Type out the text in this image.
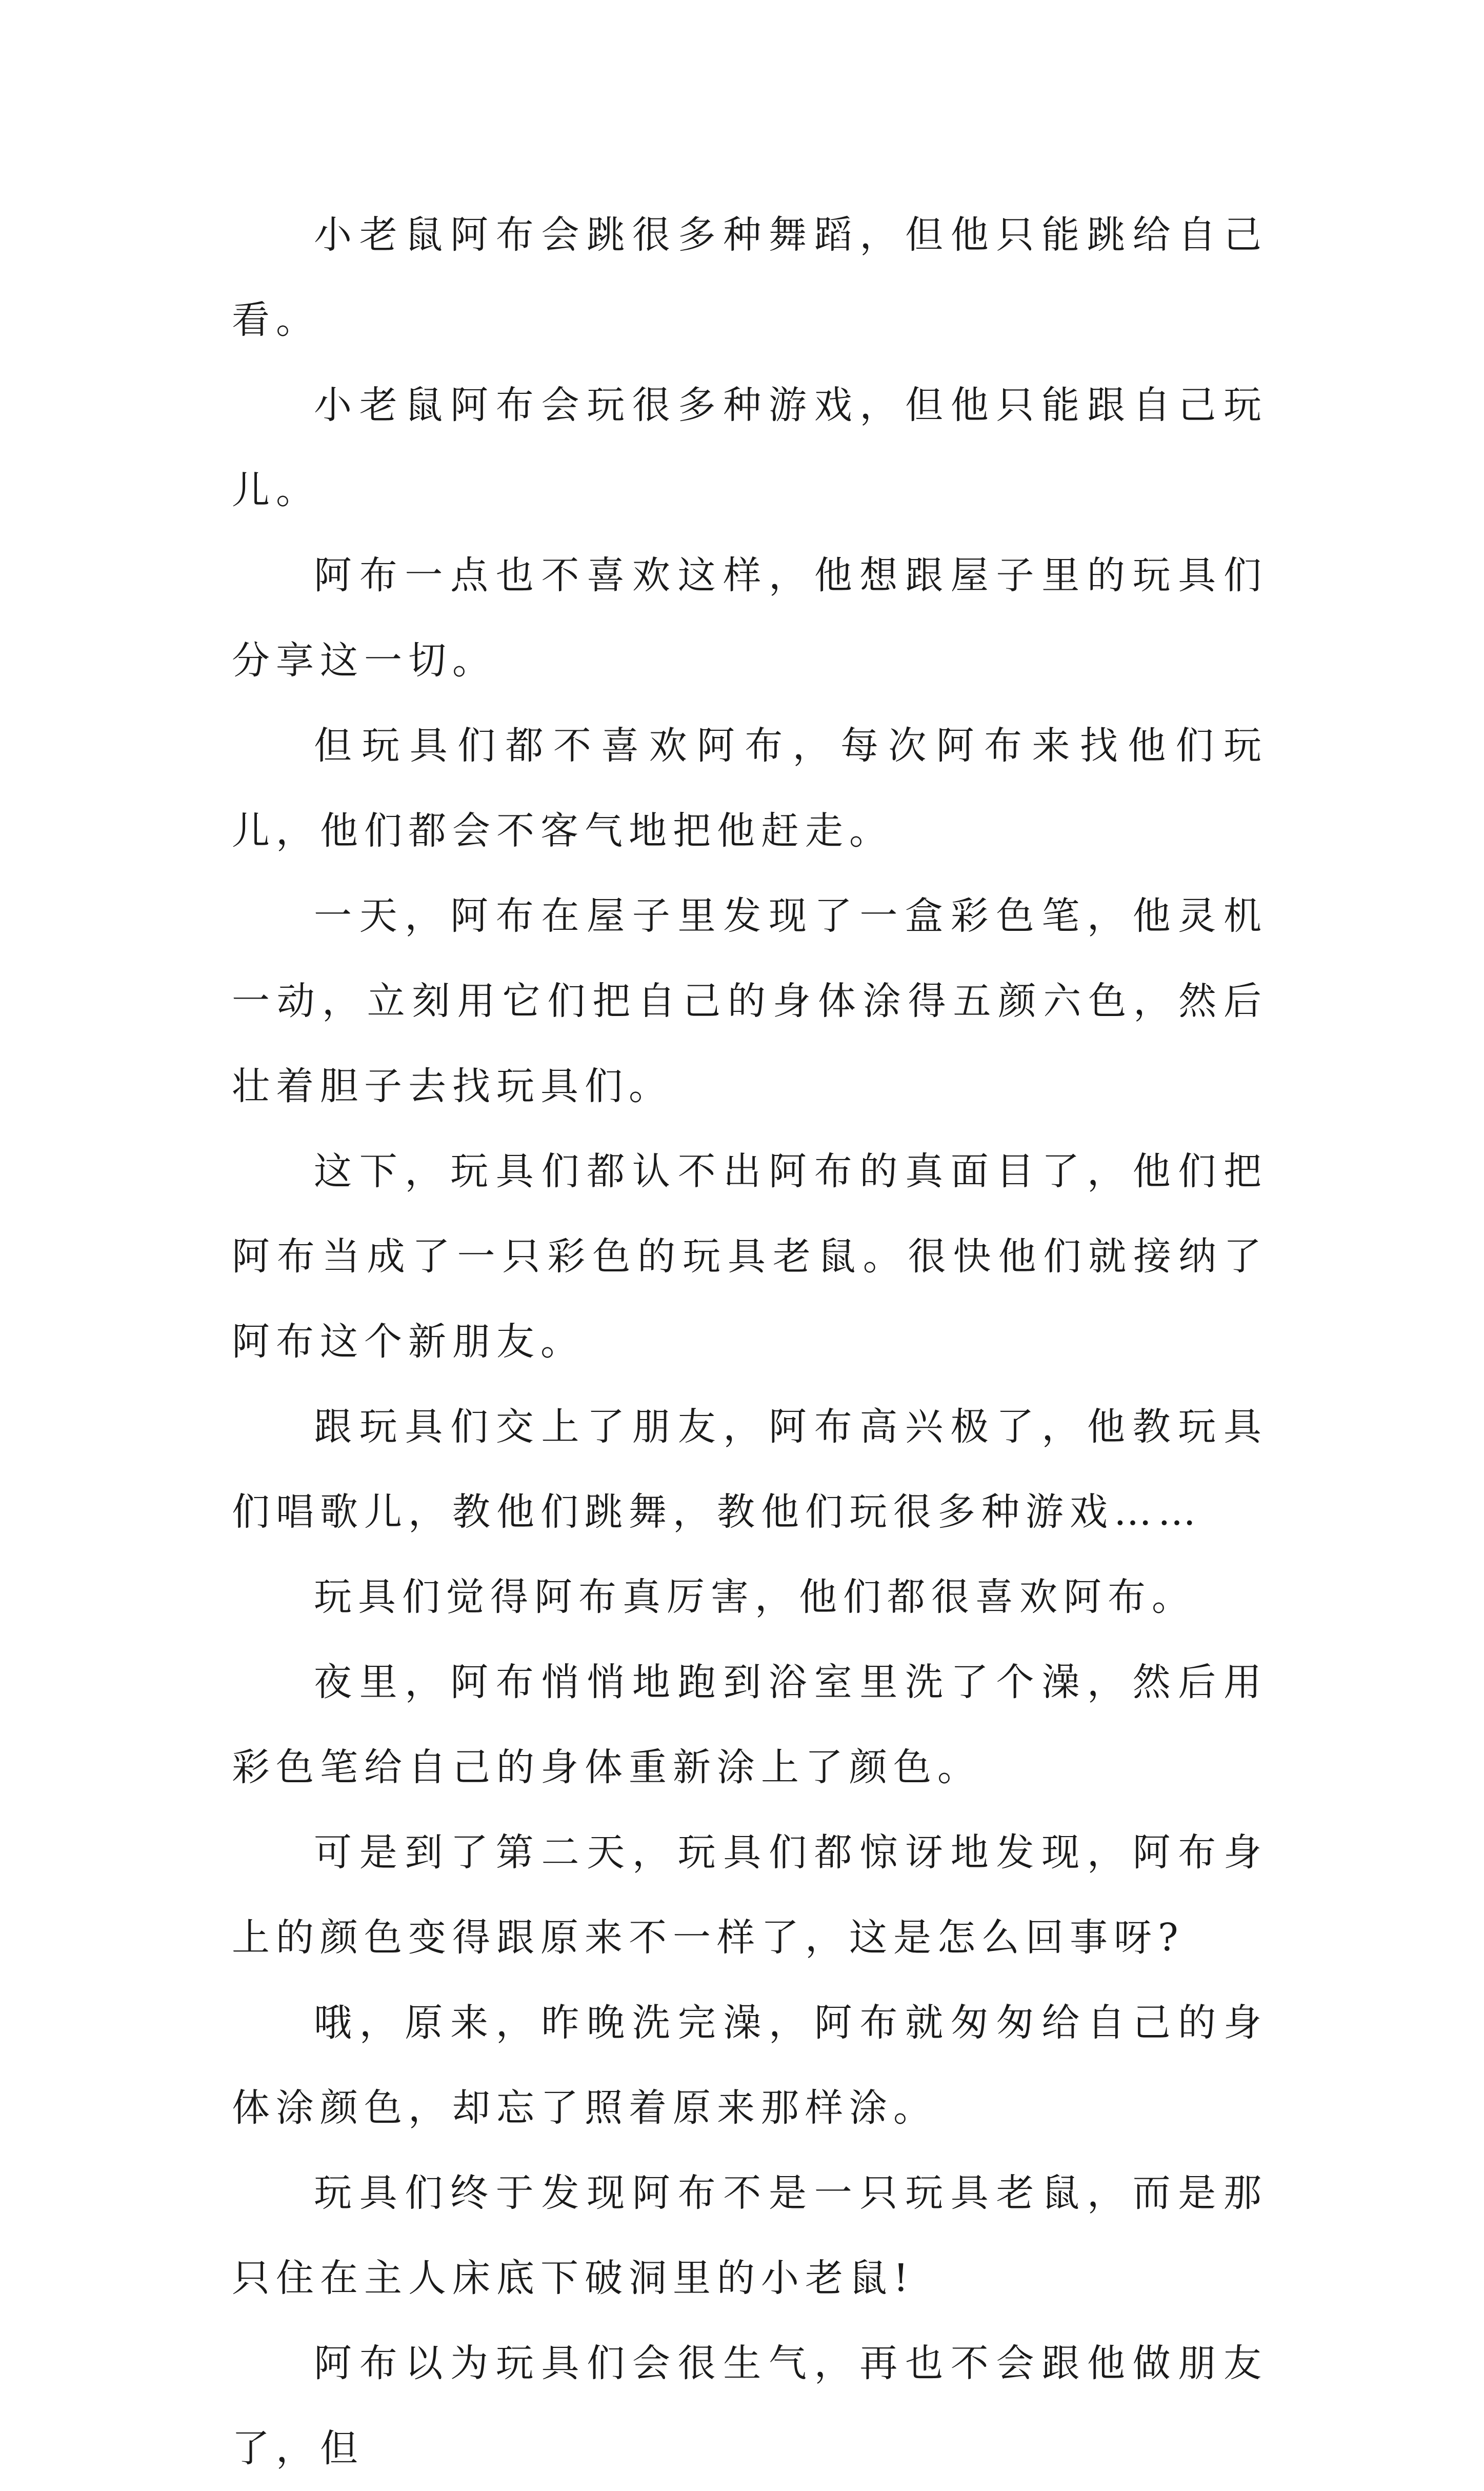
小老鼠阿布会跳很多种舞蹈，但他只能跳给自己看。

小老鼠阿布会玩很多种游戏，但他只能跟自己玩儿。

阿布一点也不喜欢这样，他想跟屋子里的玩具们分享这一切。

但玩具们都不喜欢阿布，每次阿布来找他们玩儿，他们都会不客气地把他赶走。

一天，阿布在屋子里发现了一盒彩色笔，他灵机一动，立刻用它们把自己的身体涂得五颜六色，然后壮着胆子去找玩具们。

这下，玩具们都认不出阿布的真面目了，他们把阿布当成了一只彩色的玩具老鼠。很快他们就接纳了阿布这个新朋友。

跟玩具们交上了朋友，阿布高兴极了，他教玩具们唱歌儿，教他们跳舞，教他们玩很多种游戏……

玩具们觉得阿布真厉害，他们都很喜欢阿布。

夜里，阿布悄悄地跑到浴室里洗了个澡，然后用彩色笔给自己的身体重新涂上了颜色。

可是到了第二天，玩具们都惊讶地发现，阿布身上的颜色变得跟原来不一样了，这是怎么回事呀?

哦，原来，昨晚洗完澡，阿布就匆匆给自己的身体涂颜色，却忘了照着原来那样涂。

玩具们终于发现阿布不是一只玩具老鼠，而是那只住在主人床底下破洞里的小老鼠!

阿布以为玩具们会很生气，再也不会跟他做朋友了，但
